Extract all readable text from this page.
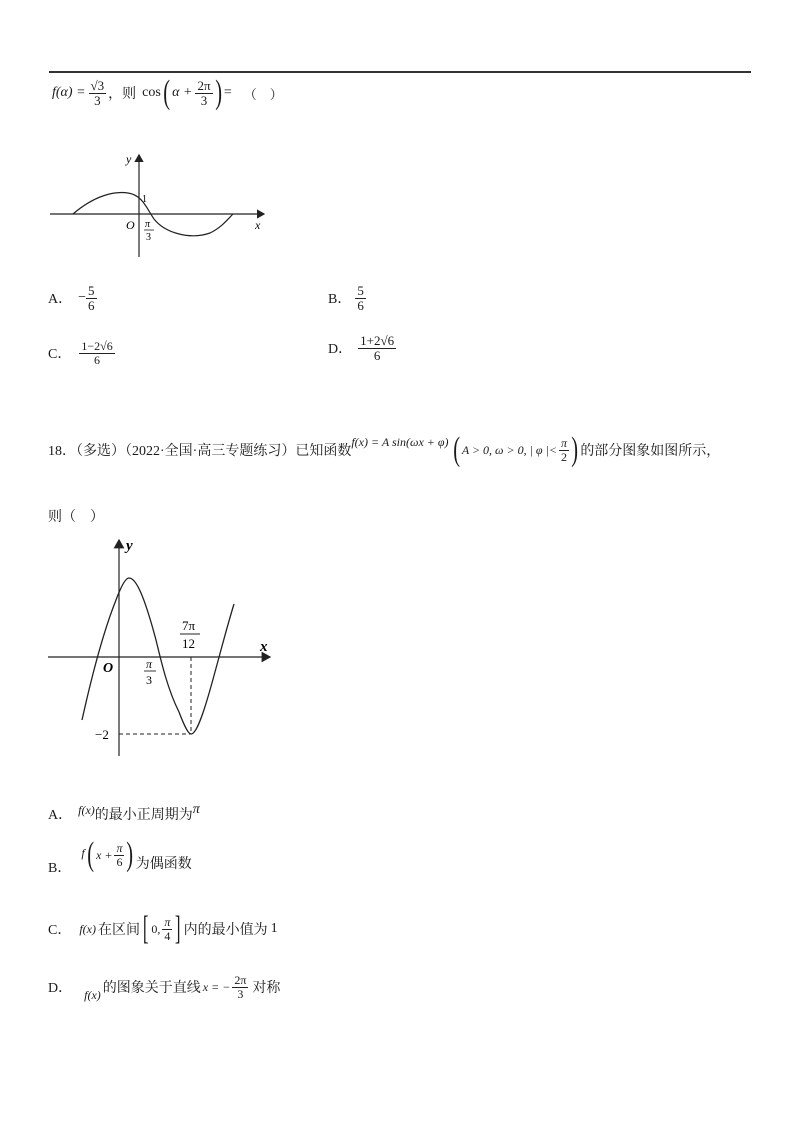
$f(\alpha) = \frac{√3}{3}$ ，则 cos ( $\alpha + \frac{2\pi}{3}$ ) = （　）
y
x
O
1
π
3
A． − $\frac{5}{6}$	B． $\frac{5}{6}$
C． $\frac{1-2√6}{6}$	D． $\frac{1+2√6}{6}$
18．（多选）（2022·全国·高三专题练习）已知函数
f(x) = A sin(ωx + φ) ( A > 0, ω > 0, | φ |< $\frac{\pi}{2}$ ) 的部分图象如图所示，
则（　）
y
x
O	π
3
7π
12
−2
A． f(x) 的最小正周期为 π
B．
f ( $x + \frac{\pi}{6}$ ) 为偶函数
C． f(x) 在区间 [ 0, $\frac{\pi}{4}$ ] 内的最小值为 1
D． f(x) 的图象关于直线 x = − $\frac{2\pi}{3}$ 对称
